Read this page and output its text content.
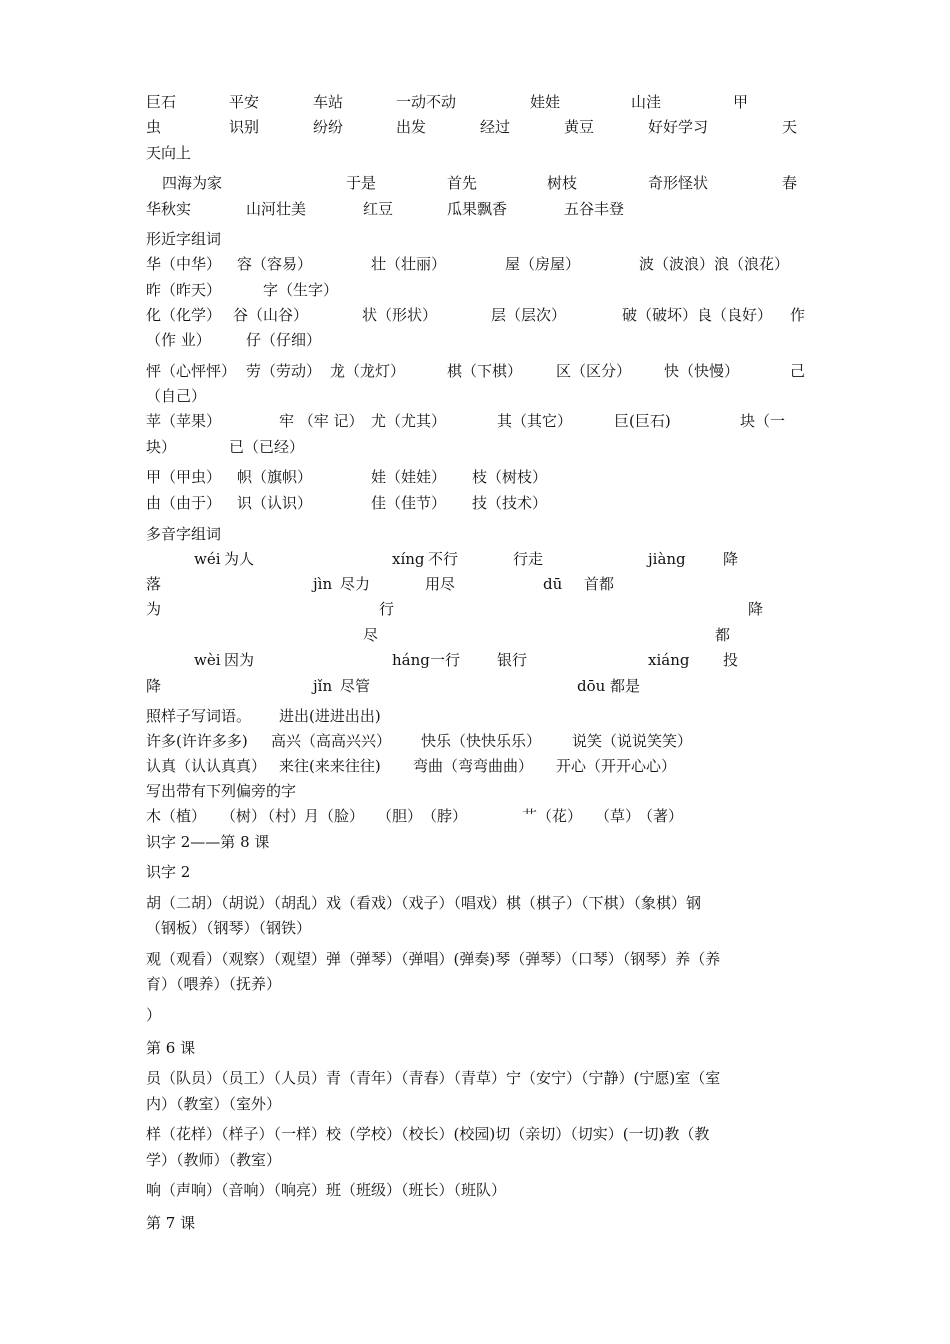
巨石	平安	车站	一动不动	娃娃	山洼	甲
虫	识别	纷纷	出发	经过	黄豆	好好学习	天
天向上
四海为家	于是	首先	树枝	奇形怪状	春
华秋实	山河壮美	红豆	瓜果飘香	五谷丰登
形近字组词
华（中华） 容（容易）	壮（壮丽）	屋（房屋）	波（波浪）浪（浪花）
昨（昨天）	字（生字）
化（化学） 谷（山谷）	状（形状）	层（层次）	破（破坏）良（良好） 作
（作 业） 仔（仔细）
怦（心怦怦） 劳（劳动） 龙（龙灯）	棋（下棋） 区（区分） 快（快慢）	己
（自己）
苹（苹果）	牢 （牢 记） 尤（尤其）	其（其它）	巨(巨石)	块（一
块）	已（已经）
甲（甲虫） 帜（旗帜）	娃（娃娃） 枝（树枝）
由（由于） 识（认识）	佳（佳节） 技（技术）
多音字组词
wéi 为人	xíng 不行	行走	jiàng 降
落	jìn 尽力	用尽	dū 首都
为	行	降
尽	都
wèi 因为	háng 一行 银行	xiáng 投
降	jǐn 尽管	dōu 都是
照样子写词语。 进出(进进出出)
许多(许许多多) 高兴（高高兴兴） 快乐（快快乐乐） 说笑（说说笑笑）
认真（认认真真） 来往(来来往往) 弯曲（弯弯曲曲） 开心（开开心心）
写出带有下列偏旁的字
木（植） （树）
（村）
月（脸） （胆） （脖）	艹（花） （草）
（著）
识字 2——第 8 课
识字 2
胡（二胡）（胡说）（胡乱）戏（看戏）（戏子）（唱戏）棋（棋子）（下棋）（象棋）钢
（钢板）（钢琴）（钢铁）
观（观看）（观察）（观望）弹（弹琴）（弹唱）(弹奏)琴（弹琴）（口琴）（钢琴）养（养
育）（喂养）（抚养）
）
第 6 课
员（队员）（员工）（人员）青（青年）（青春）（青草）宁（安宁）（宁静）(宁愿)室（室
内）（教室）（室外）
样（花样）（样子）（一样）校（学校）（校长）(校园)切（亲切）（切实）(一切)教（教
学）（教师）（教室）
响（声响）（音响）（响亮）班（班级）（班长）（班队）
第 7 课
